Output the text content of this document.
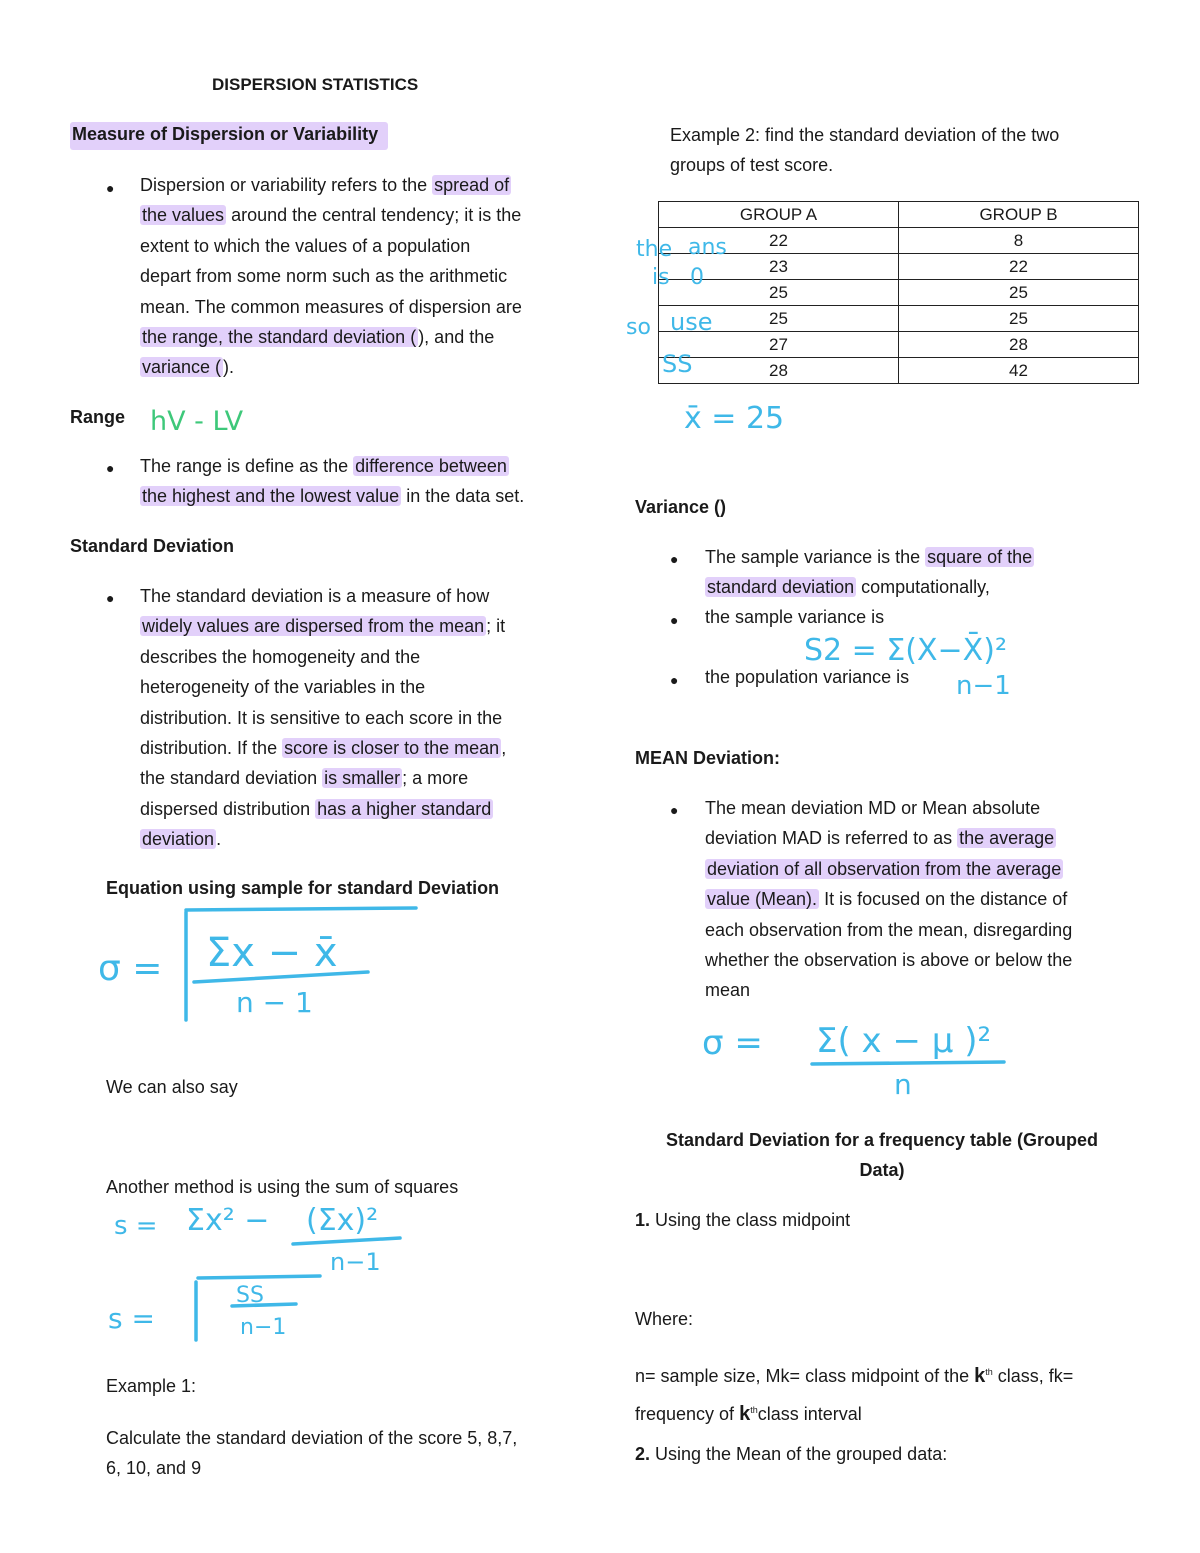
DISPERSION STATISTICS
Measure of Dispersion or Variability
● Dispersion or variability refers to the spread of
the values around the central tendency; it is the
extent to which the values of a population
depart from some norm such as the arithmetic
mean. The common measures of dispersion are
the range, the standard deviation ( ), and the
variance ( ).
Range hV - LV
● The range is define as the difference between
the highest and the lowest value in the data set.
Standard Deviation
● The standard deviation is a measure of how
widely values are dispersed from the mean ; it
describes the homogeneity and the
heterogeneity of the variables in the
distribution. It is sensitive to each score in the
distribution. If the score is closer to the mean ,
the standard deviation is smaller ; a more
dispersed distribution has a higher standard
deviation .
Equation using sample for standard Deviation
σ = Σx − x̄
n − 1
We can also say
Another method is using the sum of squares
s = Σx² − (Σx)²
n−1
s =
SS
n−1
Example 1:
Calculate the standard deviation of the score 5, 8,7,
6, 10, and 9
Example 2: find the standard deviation of the two
groups of test score.
GROUP A	GROUP B
22	8
23	22
25	25
25	25
27	28
28	42
the ans
is 0
so use
SS
x̄ = 25
Variance ()
● The sample variance is the square of the
standard deviation computationally,
● the sample variance is
● the population variance is
S2 = Σ(X−X̄)²
n−1
MEAN Deviation:
● The mean deviation MD or Mean absolute
deviation MAD is referred to as the average
deviation of all observation from the average
value (Mean). It is focused on the distance of
each observation from the mean, disregarding
whether the observation is above or below the
mean
σ = Σ( x − μ )²
n
Standard Deviation for a frequency table (Grouped
Data)
1. Using the class midpoint
Where:
n= sample size, Mk= class midpoint of the $k^{th}$ class, fk=
frequency of $k^{th}class$ interval
2. Using the Mean of the grouped data:
